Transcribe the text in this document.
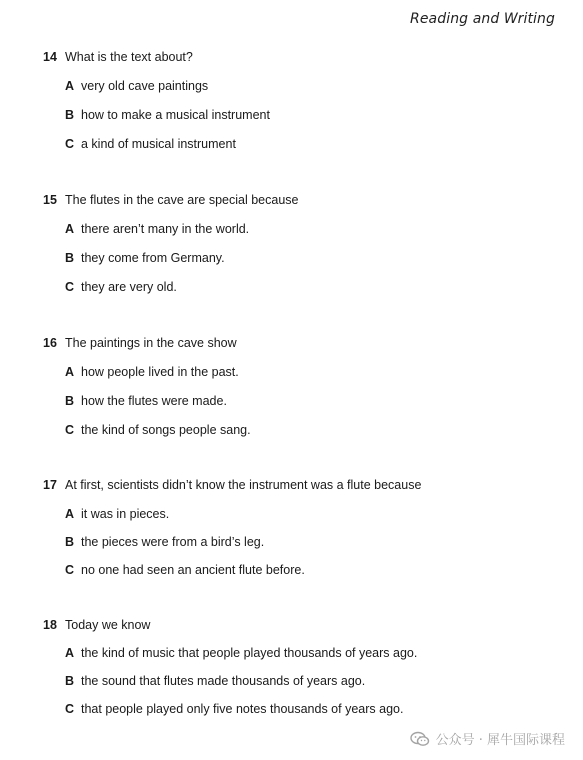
Reading and Writing
14 What is the text about?
A very old cave paintings
B how to make a musical instrument
C a kind of musical instrument
15 The flutes in the cave are special because
A there aren’t many in the world.
B they come from Germany.
C they are very old.
16 The paintings in the cave show
A how people lived in the past.
B how the flutes were made.
C the kind of songs people sang.
17 At first, scientists didn’t know the instrument was a flute because
A it was in pieces.
B the pieces were from a bird’s leg.
C no one had seen an ancient flute before.
18 Today we know
A the kind of music that people played thousands of years ago.
B the sound that flutes made thousands of years ago.
C that people played only five notes thousands of years ago.
公众号 · 犀牛国际课程
